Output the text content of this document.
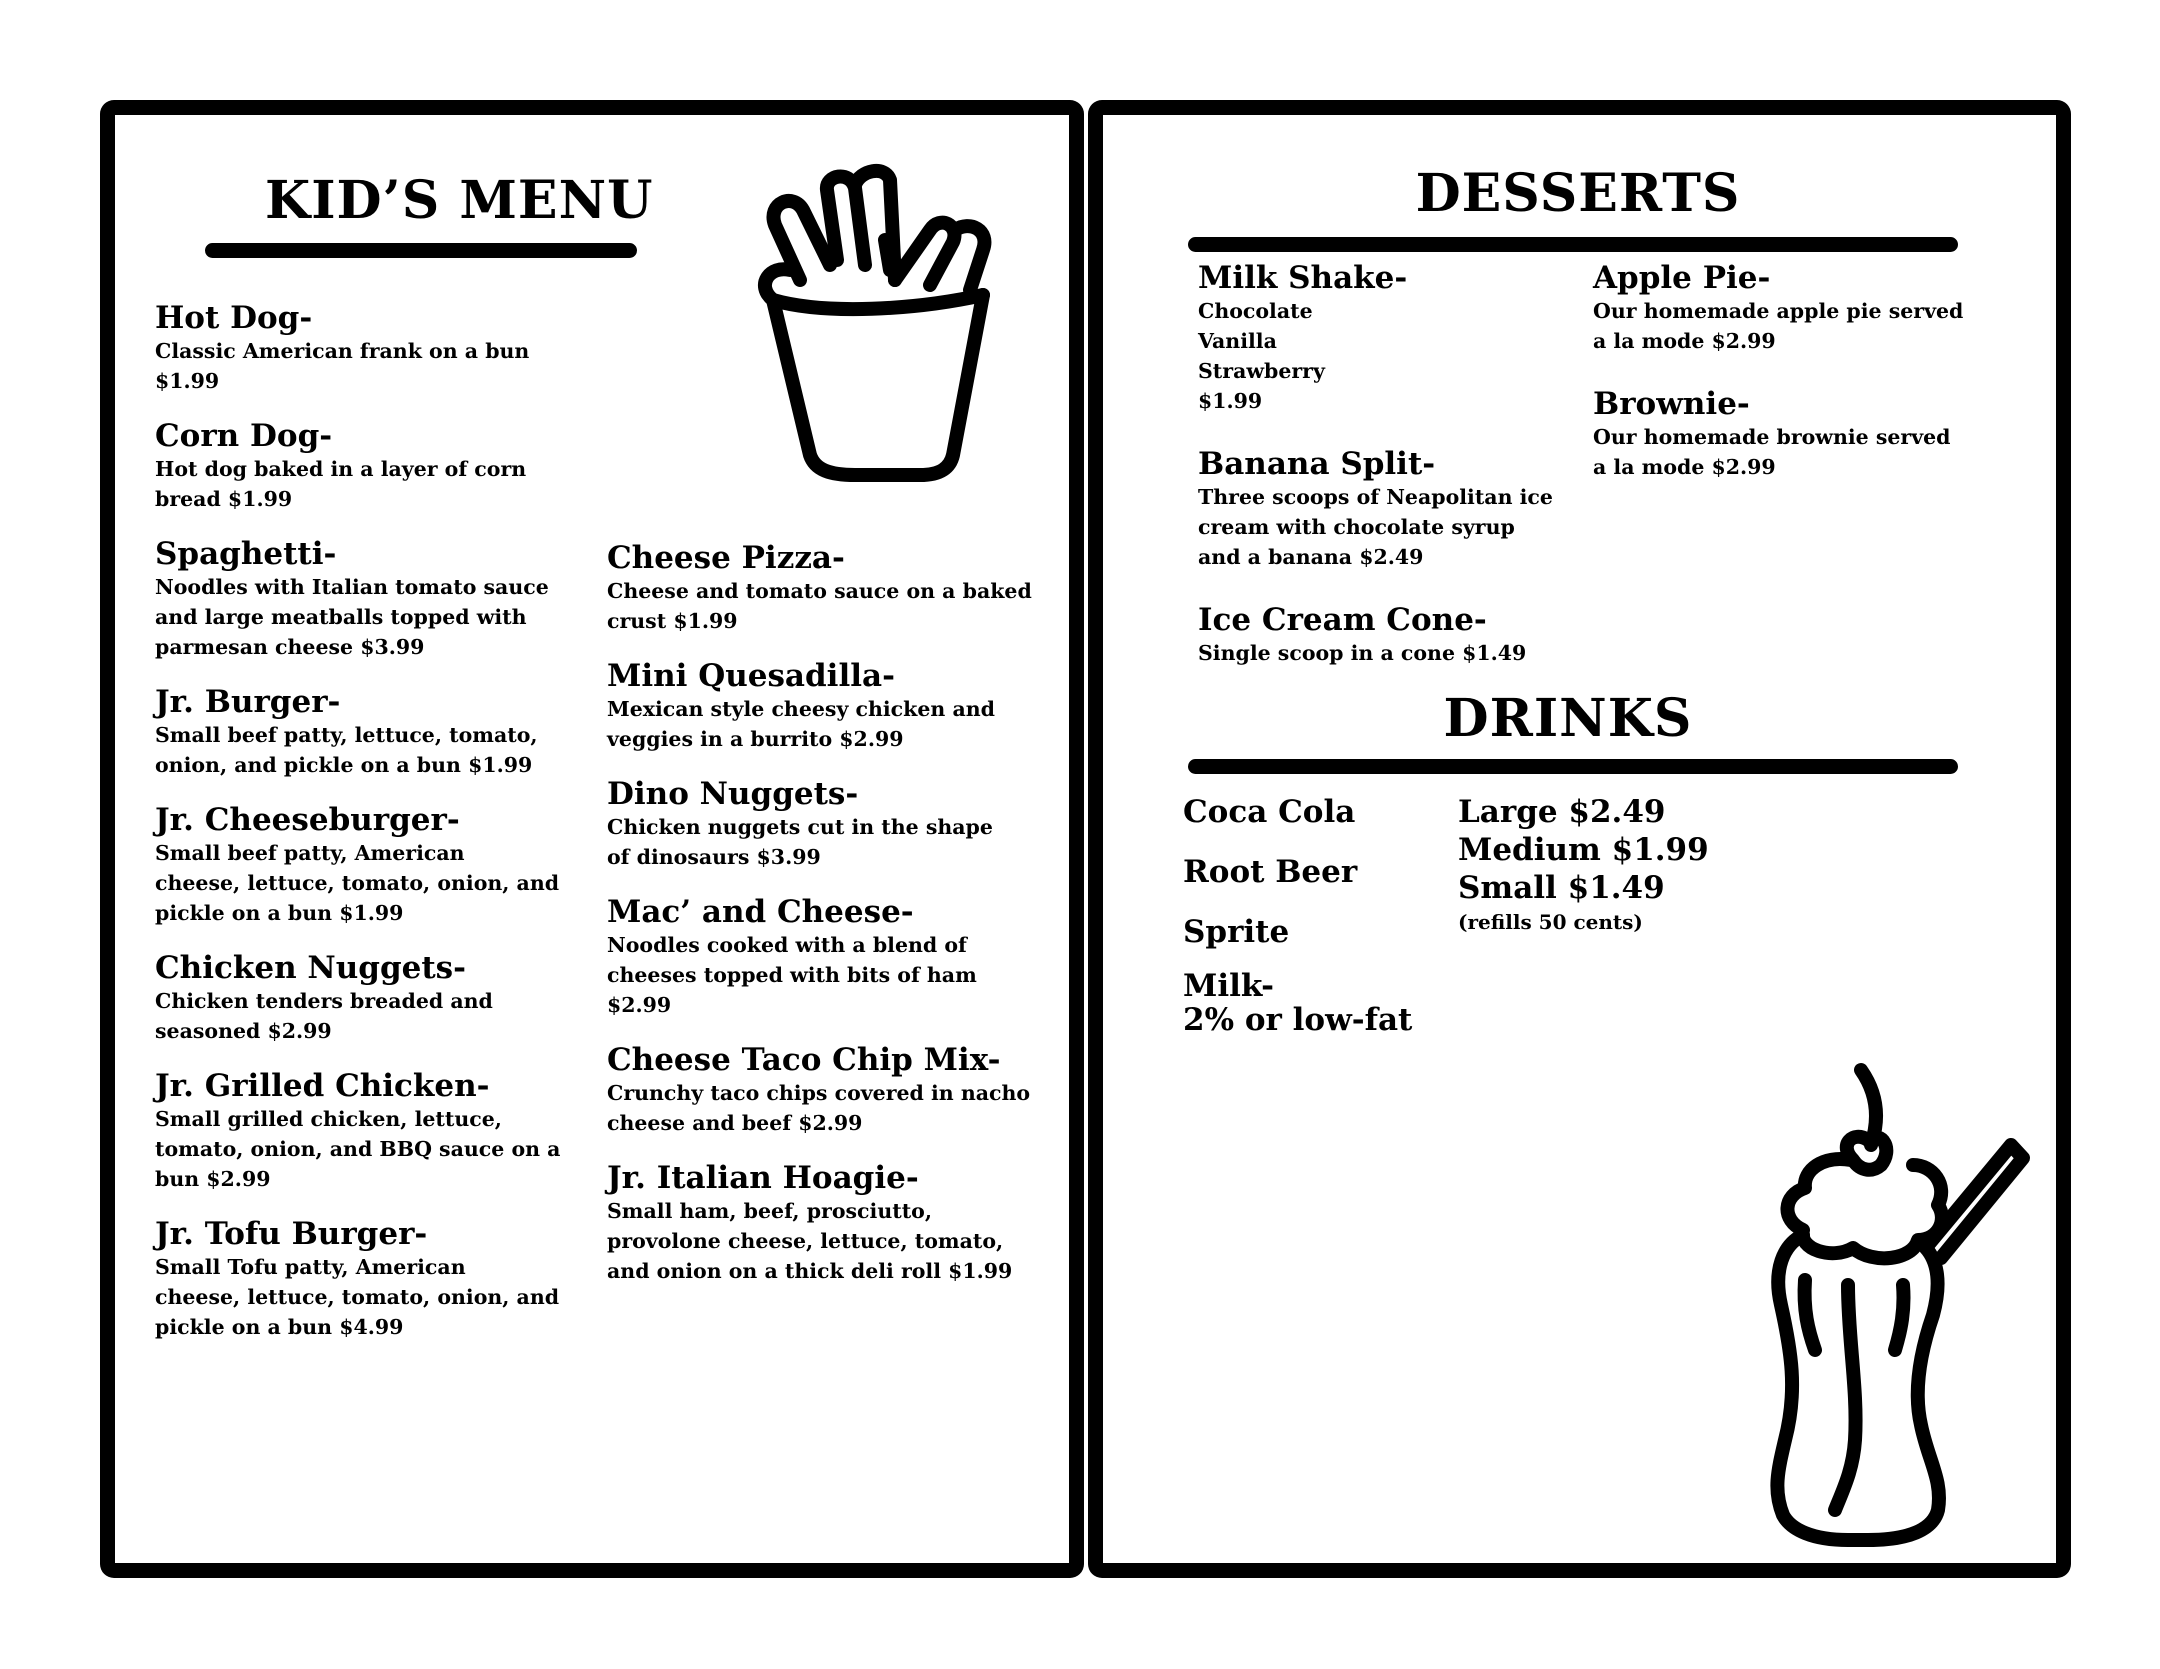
KID’S MENU
Hot Dog-
Classic American frank on a bun
$1.99
Corn Dog-
Hot dog baked in a layer of corn
bread $1.99
Spaghetti-
Noodles with Italian tomato sauce
and large meatballs topped with
parmesan cheese $3.99
Jr. Burger-
Small beef patty, lettuce, tomato,
onion, and pickle on a bun $1.99
Jr. Cheeseburger-
Small beef patty, American
cheese, lettuce, tomato, onion, and
pickle on a bun $1.99
Chicken Nuggets-
Chicken tenders breaded and
seasoned $2.99
Jr. Grilled Chicken-
Small grilled chicken, lettuce,
tomato, onion, and BBQ sauce on a
bun $2.99
Jr. Tofu Burger-
Small Tofu patty, American
cheese, lettuce, tomato, onion, and
pickle on a bun $4.99
Cheese Pizza-
Cheese and tomato sauce on a baked
crust $1.99
Mini Quesadilla-
Mexican style cheesy chicken and
veggies in a burrito $2.99
Dino Nuggets-
Chicken nuggets cut in the shape
of dinosaurs $3.99
Mac’ and Cheese-
Noodles cooked with a blend of
cheeses topped with bits of ham
$2.99
Cheese Taco Chip Mix-
Crunchy taco chips covered in nacho
cheese and beef $2.99
Jr. Italian Hoagie-
Small ham, beef, prosciutto,
provolone cheese, lettuce, tomato,
and onion on a thick deli roll $1.99
DESSERTS
Milk Shake-
Chocolate
Vanilla
Strawberry
$1.99
Banana Split-
Three scoops of Neapolitan ice
cream with chocolate syrup
and a banana $2.49
Ice Cream Cone-
Single scoop in a cone $1.49
Apple Pie-
Our homemade apple pie served
a la mode $2.99
Brownie-
Our homemade brownie served
a la mode $2.99
DRINKS
Coca Cola
Root Beer
Sprite
Milk-
2% or low-fat
Large $2.49
Medium $1.99
Small $1.49
(refills 50 cents)
